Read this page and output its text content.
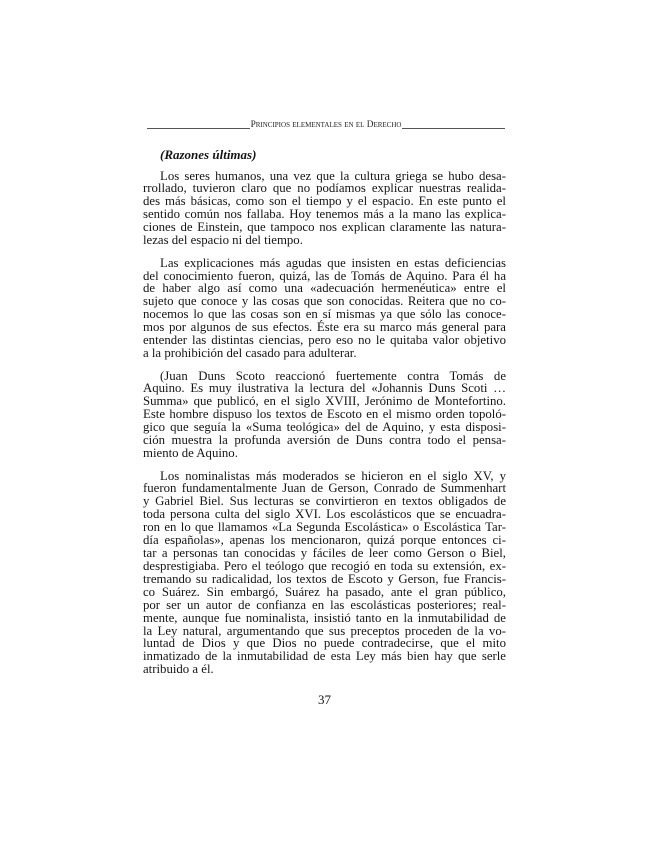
Principios elementales en el Derecho
(Razones últimas)
Los seres humanos, una vez que la cultura griega se hubo desa-
rrollado, tuvieron claro que no podíamos explicar nuestras realida-
des más básicas, como son el tiempo y el espacio. En este punto el
sentido común nos fallaba. Hoy tenemos más a la mano las explica-
ciones de Einstein, que tampoco nos explican claramente las natura-
lezas del espacio ni del tiempo.
Las explicaciones más agudas que insisten en estas deficiencias
del conocimiento fueron, quizá, las de Tomás de Aquino. Para él ha
de haber algo así como una «adecuación hermenéutica» entre el
sujeto que conoce y las cosas que son conocidas. Reitera que no co-
nocemos lo que las cosas son en sí mismas ya que sólo las conoce-
mos por algunos de sus efectos. Éste era su marco más general para
entender las distintas ciencias, pero eso no le quitaba valor objetivo
a la prohibición del casado para adulterar.
(Juan Duns Scoto reaccionó fuertemente contra Tomás de
Aquino. Es muy ilustrativa la lectura del «Johannis Duns Scoti …
Summa» que publicó, en el siglo XVIII, Jerónimo de Montefortino.
Este hombre dispuso los textos de Escoto en el mismo orden topoló-
gico que seguía la «Suma teológica» del de Aquino, y esta disposi-
ción muestra la profunda aversión de Duns contra todo el pensa-
miento de Aquino.
Los nominalistas más moderados se hicieron en el siglo XV, y
fueron fundamentalmente Juan de Gerson, Conrado de Summenhart
y Gabriel Biel. Sus lecturas se convirtieron en textos obligados de
toda persona culta del siglo XVI. Los escolásticos que se encuadra-
ron en lo que llamamos «La Segunda Escolástica» o Escolástica Tar-
día españolas», apenas los mencionaron, quizá porque entonces ci-
tar a personas tan conocidas y fáciles de leer como Gerson o Biel,
desprestigiaba. Pero el teólogo que recogió en toda su extensión, ex-
tremando su radicalidad, los textos de Escoto y Gerson, fue Francis-
co Suárez. Sin embargó, Suárez ha pasado, ante el gran público,
por ser un autor de confianza en las escolásticas posteriores; real-
mente, aunque fue nominalista, insistió tanto en la inmutabilidad de
la Ley natural, argumentando que sus preceptos proceden de la vo-
luntad de Dios y que Dios no puede contradecirse, que el mito
inmatizado de la inmutabilidad de esta Ley más bien hay que serle
atribuido a él.
37
